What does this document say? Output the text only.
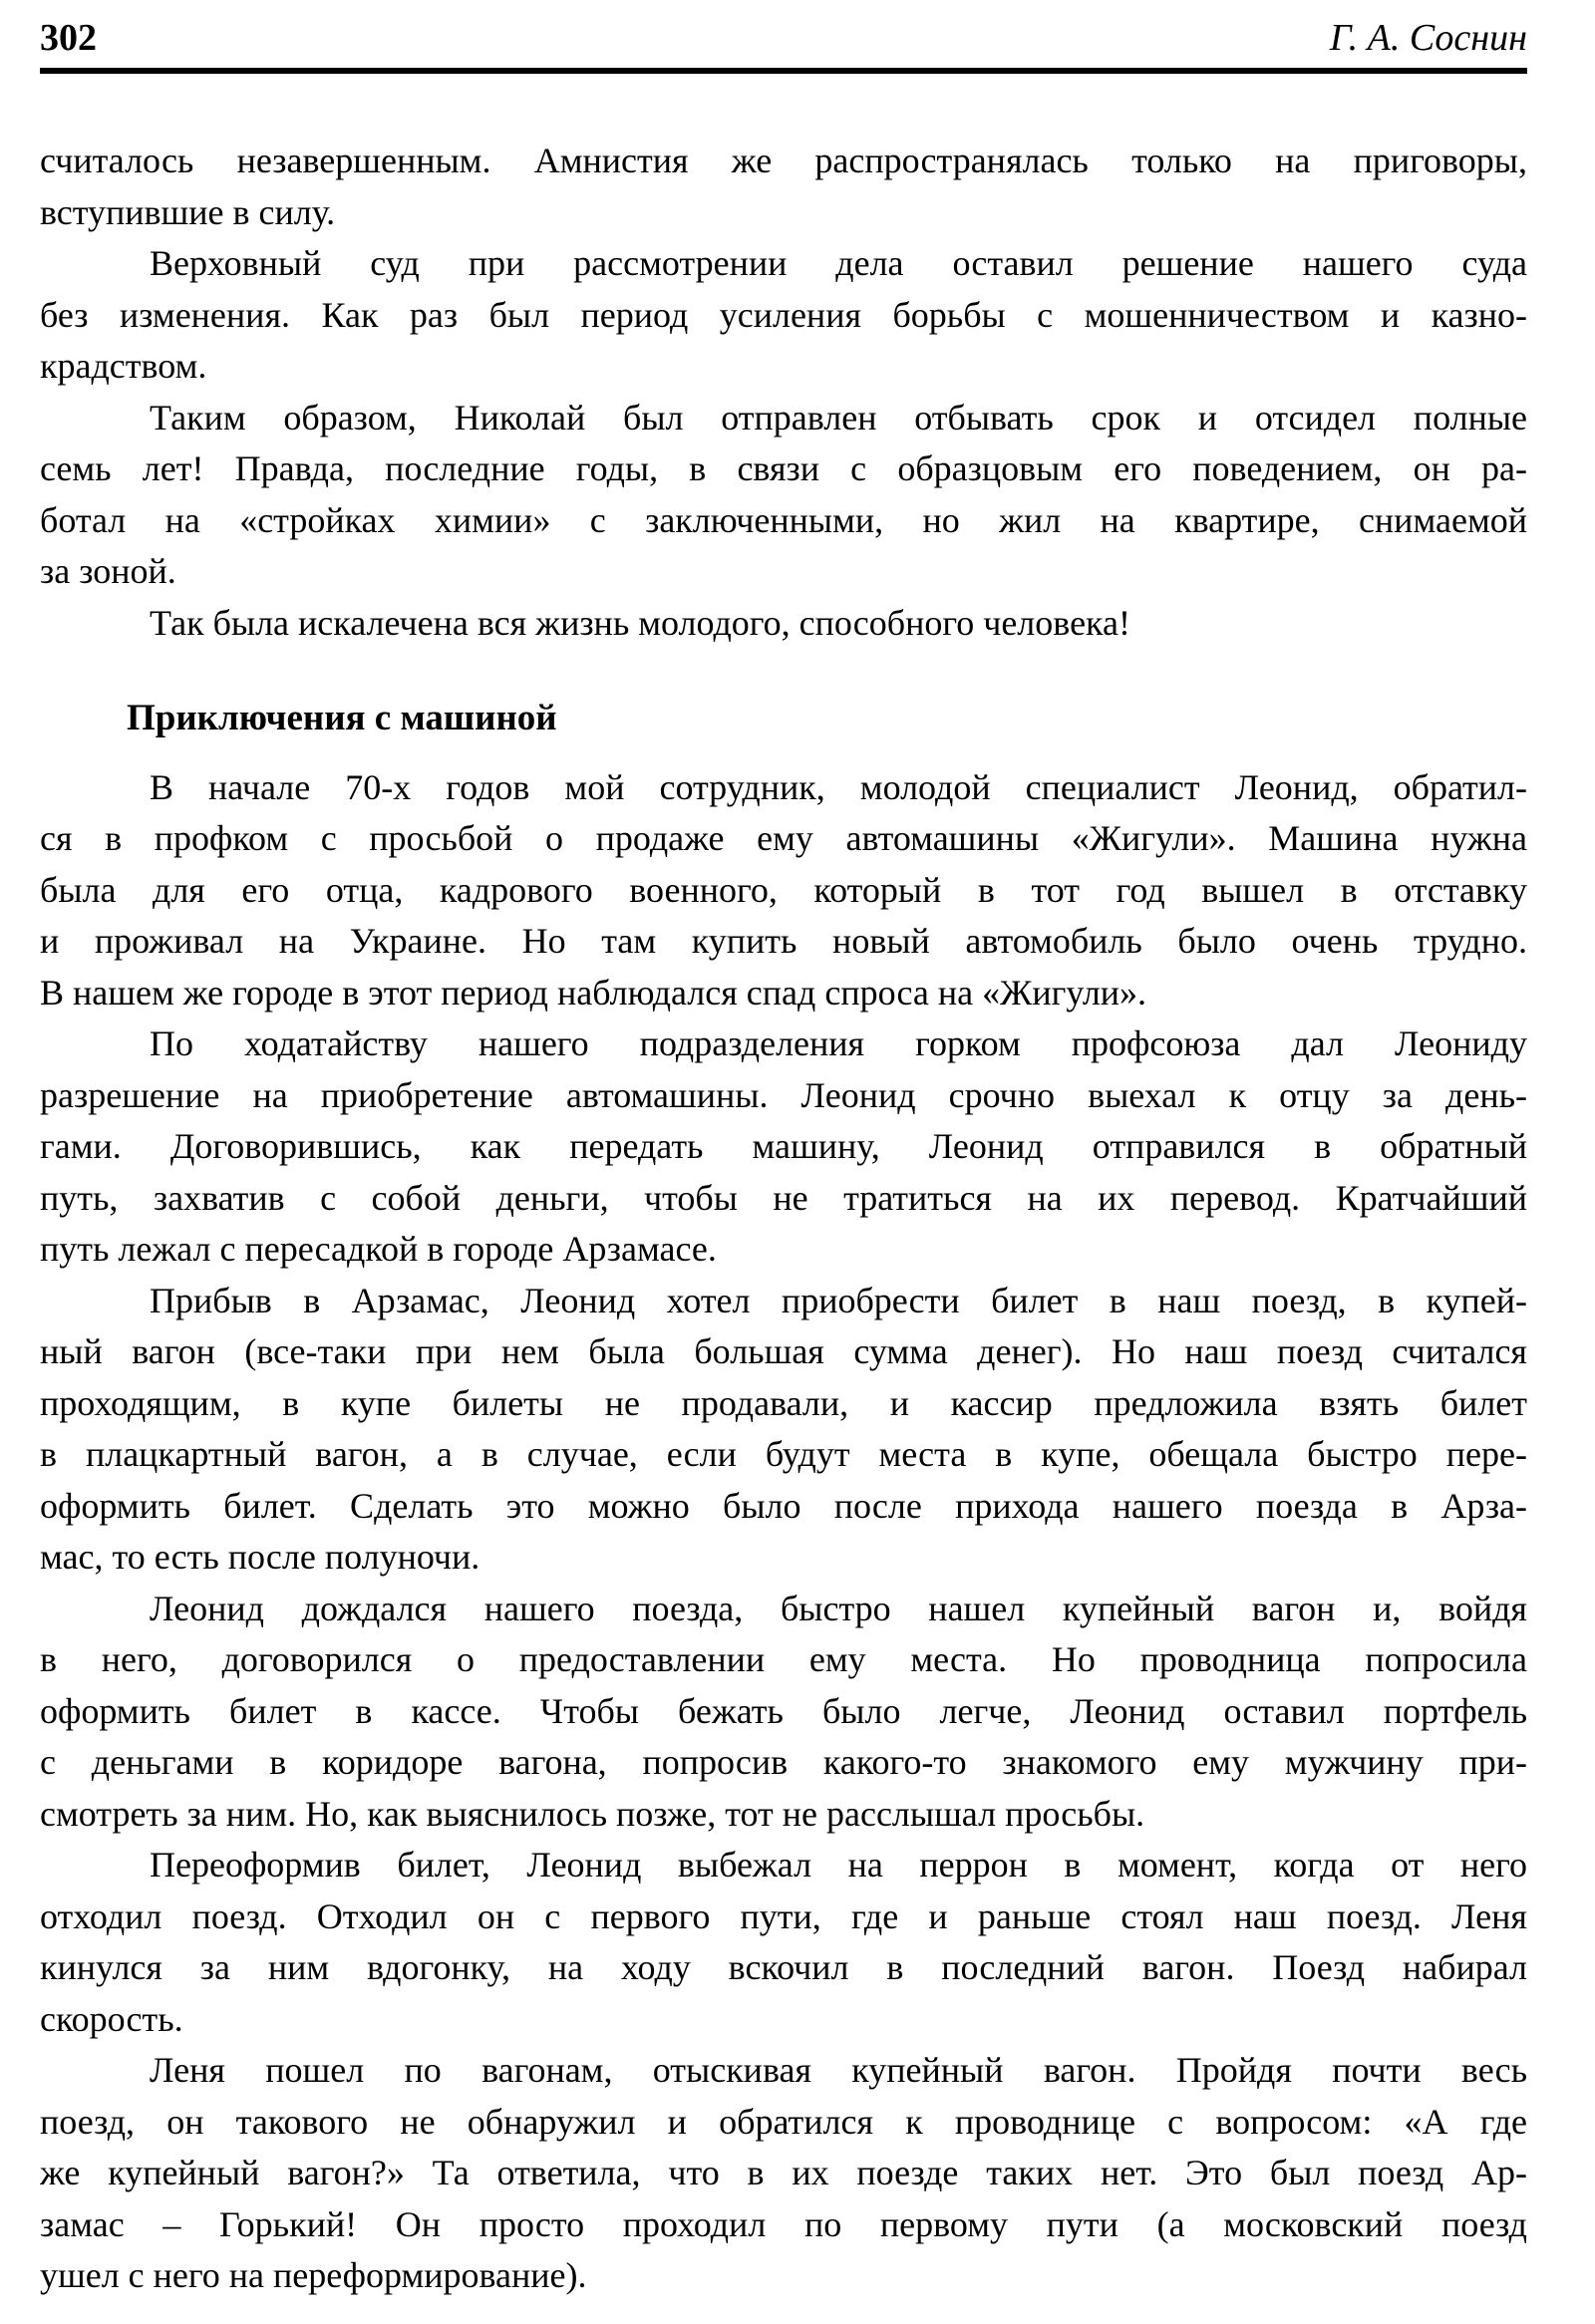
302	Г. А. Соснин
считалось незавершенным. Амнистия же распространялась только на приговоры,
вступившие в силу.
Верховный суд при рассмотрении дела оставил решение нашего суда
без изменения. Как раз был период усиления борьбы с мошенничеством и казно-
крадством.
Таким образом, Николай был отправлен отбывать срок и отсидел полные
семь лет! Правда, последние годы, в связи с образцовым его поведением, он ра-
ботал на «стройках химии» с заключенными, но жил на квартире, снимаемой
за зоной.
Так была искалечена вся жизнь молодого, способного человека!
Приключения с машиной
В начале 70-х годов мой сотрудник, молодой специалист Леонид, обратил-
ся в профком с просьбой о продаже ему автомашины «Жигули». Машина нужна
была для его отца, кадрового военного, который в тот год вышел в отставку
и проживал на Украине. Но там купить новый автомобиль было очень трудно.
В нашем же городе в этот период наблюдался спад спроса на «Жигули».
По ходатайству нашего подразделения горком профсоюза дал Леониду
разрешение на приобретение автомашины. Леонид срочно выехал к отцу за день-
гами. Договорившись, как передать машину, Леонид отправился в обратный
путь, захватив с собой деньги, чтобы не тратиться на их перевод. Кратчайший
путь лежал с пересадкой в городе Арзамасе.
Прибыв в Арзамас, Леонид хотел приобрести билет в наш поезд, в купей-
ный вагон (все-таки при нем была большая сумма денег). Но наш поезд считался
проходящим, в купе билеты не продавали, и кассир предложила взять билет
в плацкартный вагон, а в случае, если будут места в купе, обещала быстро пере-
оформить билет. Сделать это можно было после прихода нашего поезда в Арза-
мас, то есть после полуночи.
Леонид дождался нашего поезда, быстро нашел купейный вагон и, войдя
в него, договорился о предоставлении ему места. Но проводница попросила
оформить билет в кассе. Чтобы бежать было легче, Леонид оставил портфель
с деньгами в коридоре вагона, попросив какого-то знакомого ему мужчину при-
смотреть за ним. Но, как выяснилось позже, тот не расслышал просьбы.
Переоформив билет, Леонид выбежал на перрон в момент, когда от него
отходил поезд. Отходил он с первого пути, где и раньше стоял наш поезд. Леня
кинулся за ним вдогонку, на ходу вскочил в последний вагон. Поезд набирал
скорость.
Леня пошел по вагонам, отыскивая купейный вагон. Пройдя почти весь
поезд, он такового не обнаружил и обратился к проводнице с вопросом: «А где
же купейный вагон?» Та ответила, что в их поезде таких нет. Это был поезд Ар-
замас – Горький! Он просто проходил по первому пути (а московский поезд
ушел с него на переформирование).
